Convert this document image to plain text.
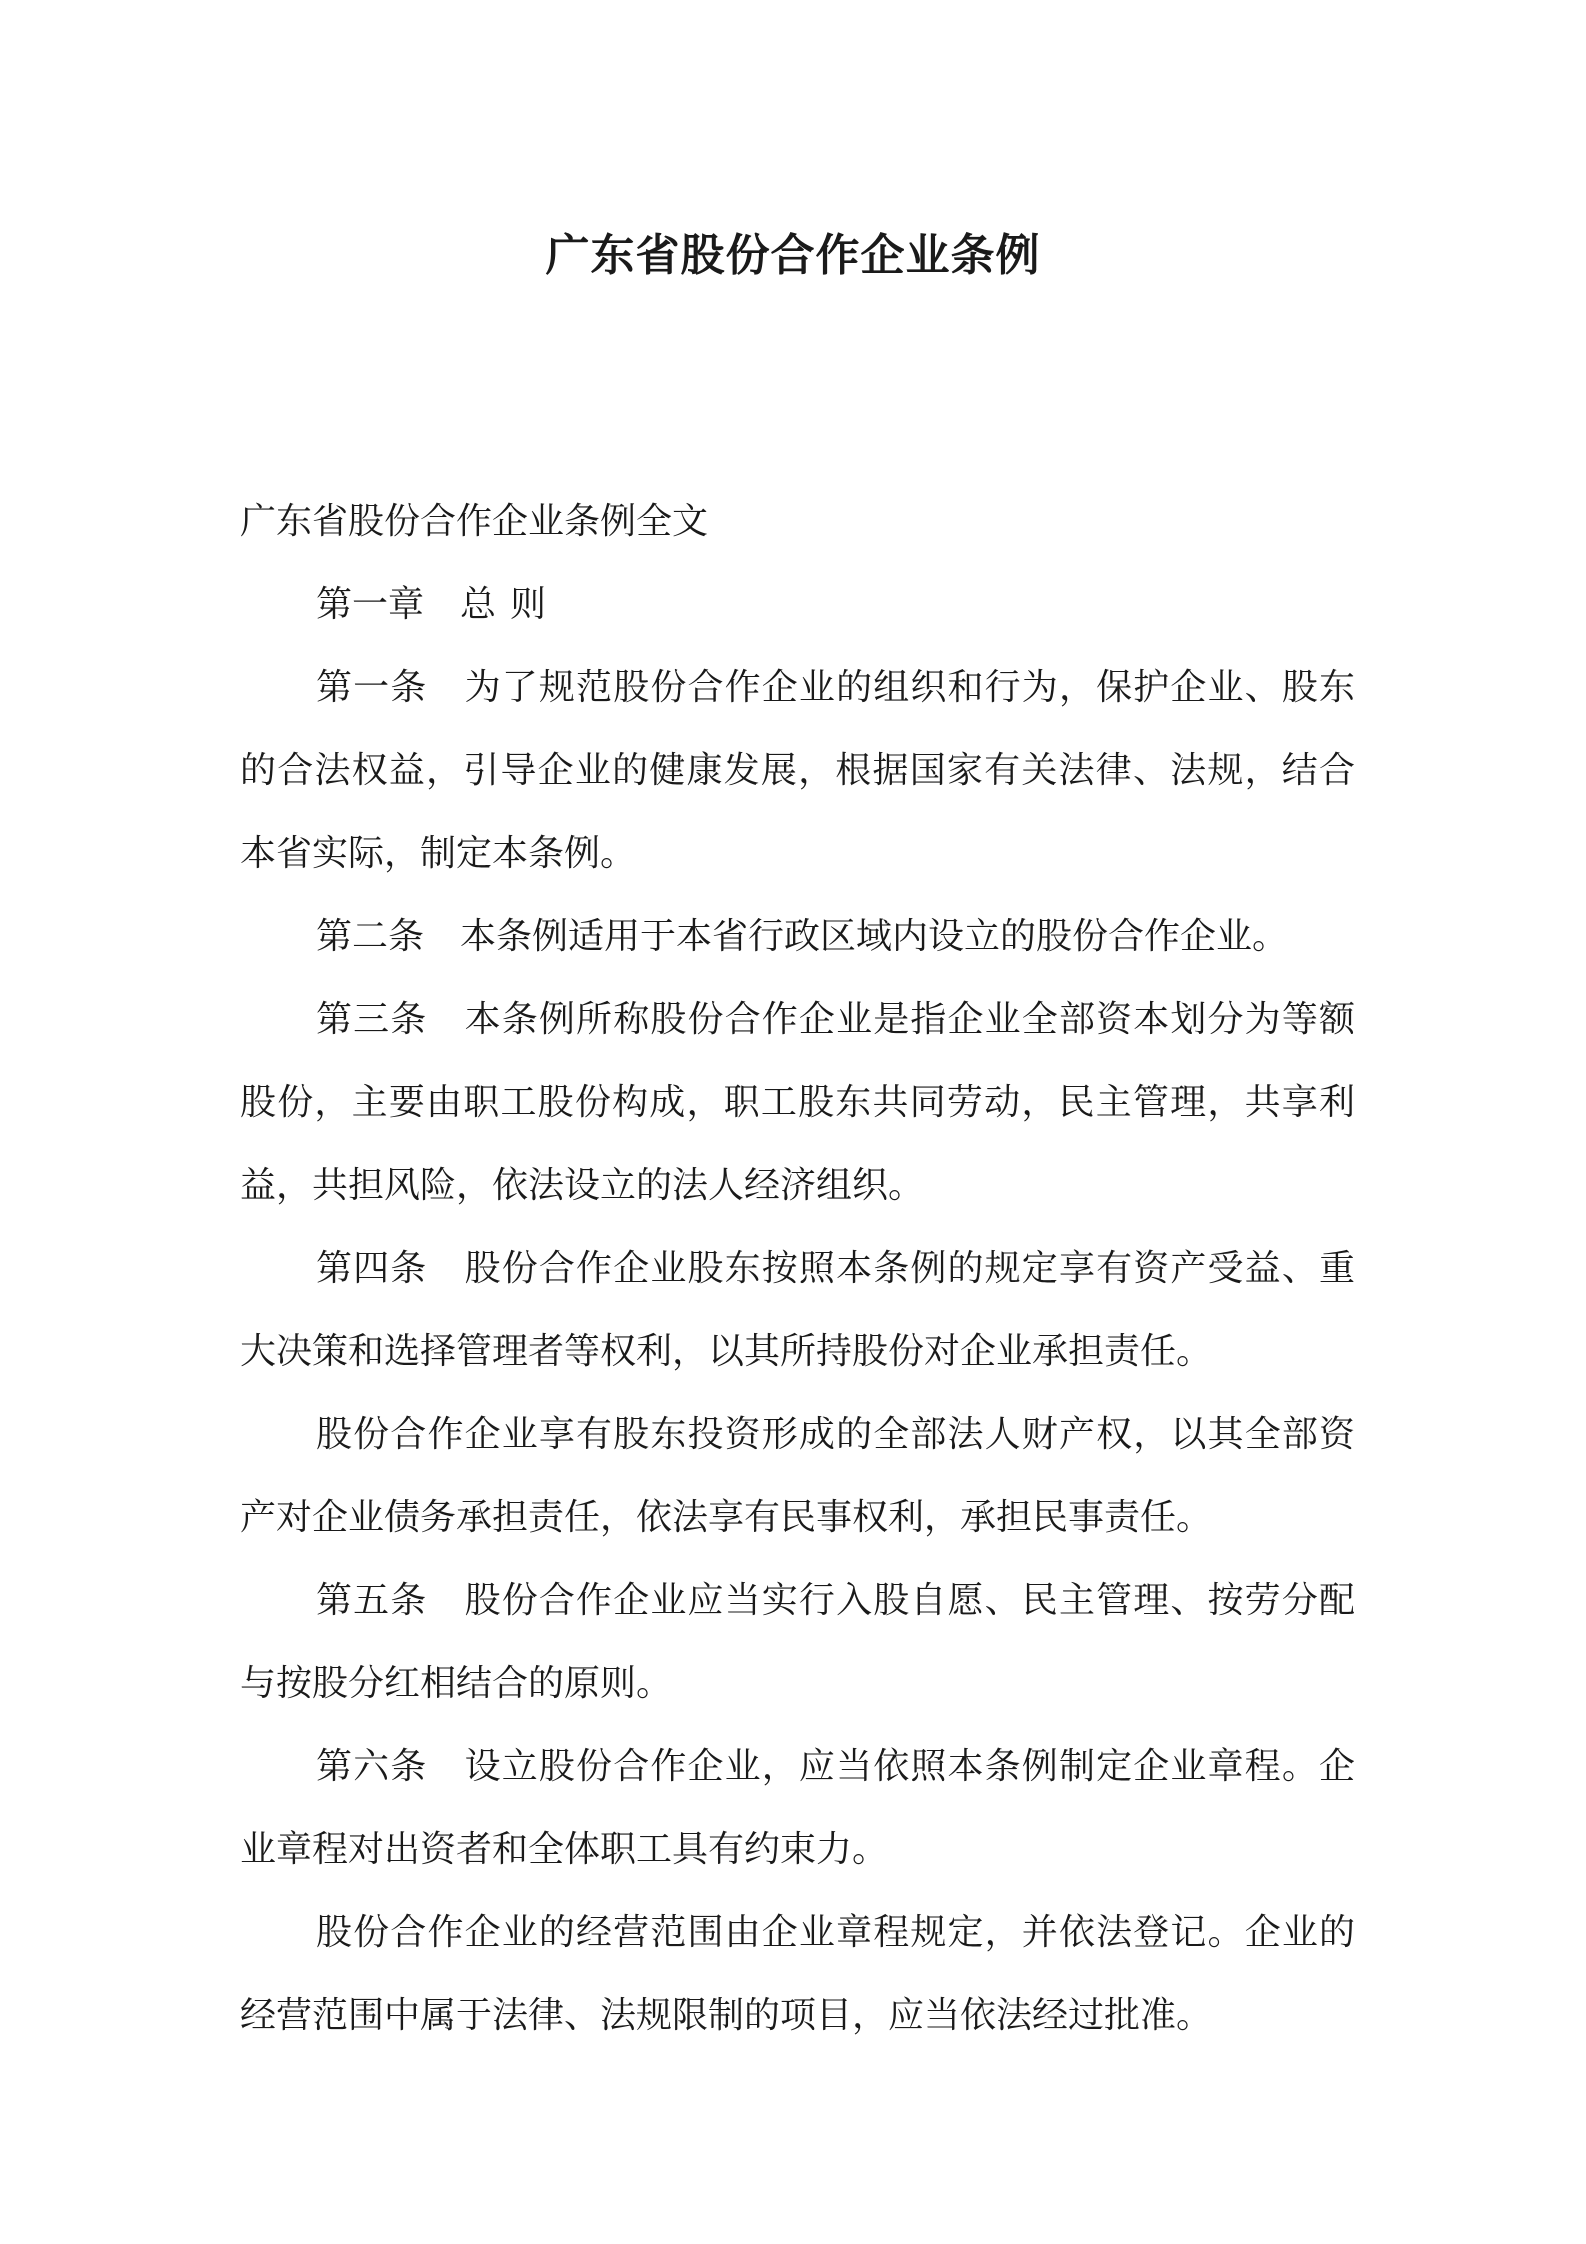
广东省股份合作企业条例

广东省股份合作企业条例全文

第一章 总 则

第一条 为了规范股份合作企业的组织和行为，保护企业、股东的合法权益，引导企业的健康发展，根据国家有关法律、法规，结合本省实际，制定本条例。

第二条 本条例适用于本省行政区域内设立的股份合作企业。

第三条 本条例所称股份合作企业是指企业全部资本划分为等额股份，主要由职工股份构成，职工股东共同劳动，民主管理，共享利益，共担风险，依法设立的法人经济组织。

第四条 股份合作企业股东按照本条例的规定享有资产受益、重大决策和选择管理者等权利，以其所持股份对企业承担责任。

股份合作企业享有股东投资形成的全部法人财产权，以其全部资产对企业债务承担责任，依法享有民事权利，承担民事责任。

第五条 股份合作企业应当实行入股自愿、民主管理、按劳分配与按股分红相结合的原则。

第六条 设立股份合作企业，应当依照本条例制定企业章程。企业章程对出资者和全体职工具有约束力。

股份合作企业的经营范围由企业章程规定，并依法登记。企业的经营范围中属于法律、法规限制的项目，应当依法经过批准。
